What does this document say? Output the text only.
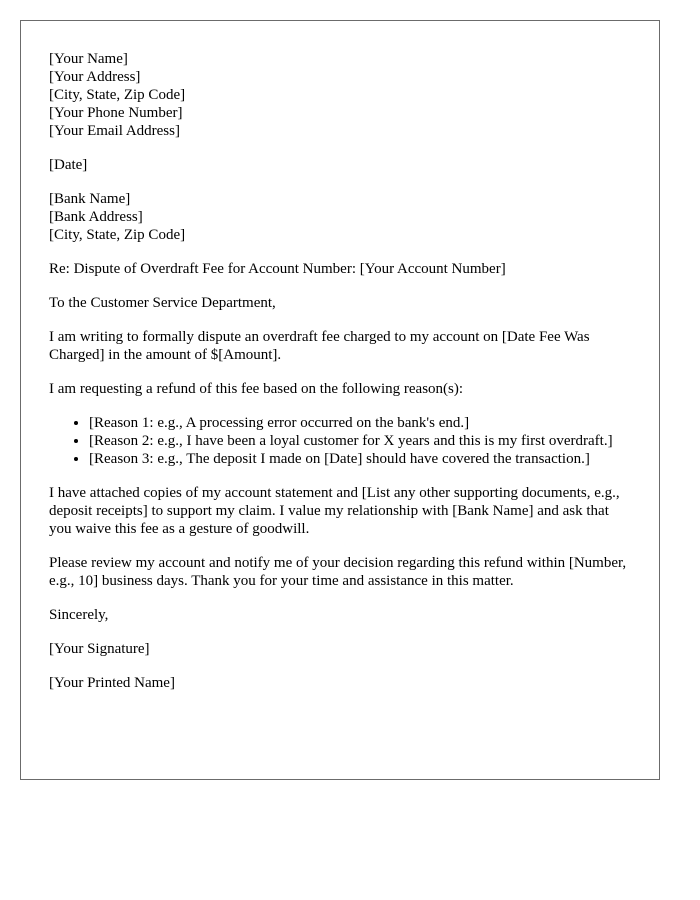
[Your Name]
[Your Address]
[City, State, Zip Code]
[Your Phone Number]
[Your Email Address]

[Date]

[Bank Name]
[Bank Address]
[City, State, Zip Code]

Re: Dispute of Overdraft Fee for Account Number: [Your Account Number]

To the Customer Service Department,

I am writing to formally dispute an overdraft fee charged to my account on [Date Fee Was Charged] in the amount of $[Amount].

I am requesting a refund of this fee based on the following reason(s):

• [Reason 1: e.g., A processing error occurred on the bank's end.]
• [Reason 2: e.g., I have been a loyal customer for X years and this is my first overdraft.]
• [Reason 3: e.g., The deposit I made on [Date] should have covered the transaction.]

I have attached copies of my account statement and [List any other supporting documents, e.g., deposit receipts] to support my claim. I value my relationship with [Bank Name] and ask that you waive this fee as a gesture of goodwill.

Please review my account and notify me of your decision regarding this refund within [Number, e.g., 10] business days. Thank you for your time and assistance in this matter.

Sincerely,

[Your Signature]

[Your Printed Name]
